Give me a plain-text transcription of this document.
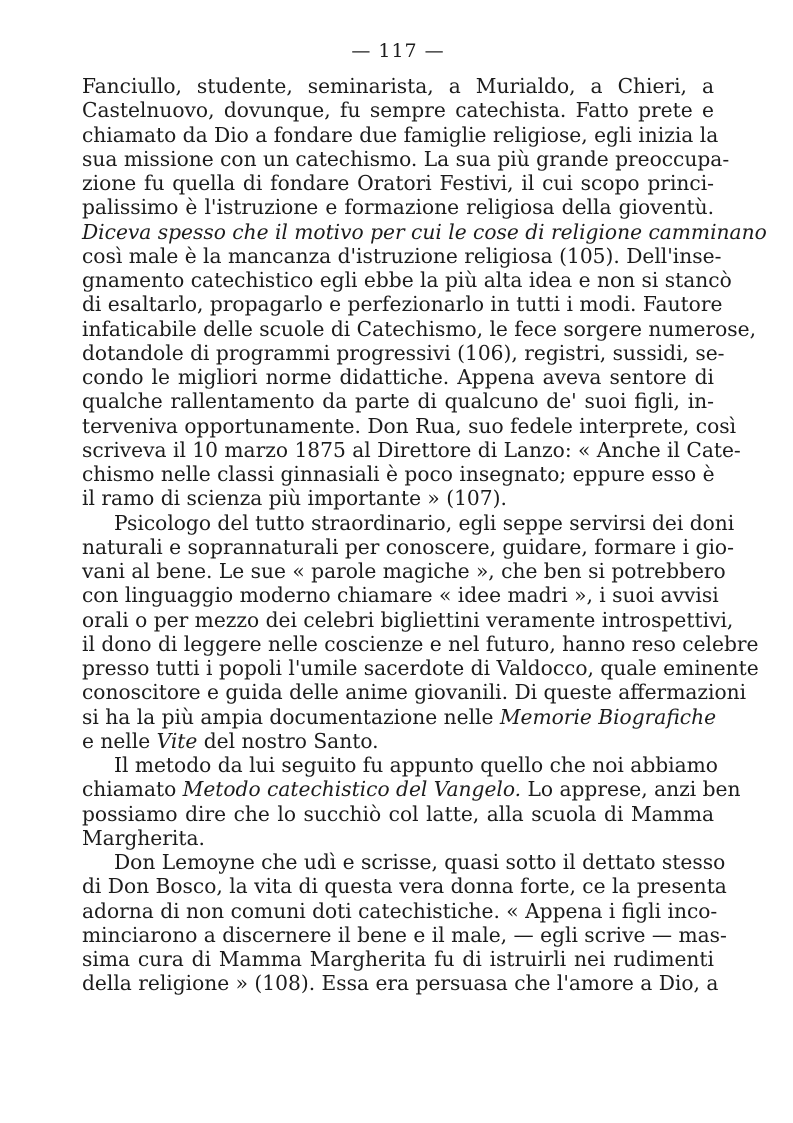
— 117 —
Fanciullo, studente, seminarista, a Murialdo, a Chieri, a
Castelnuovo, dovunque, fu sempre catechista. Fatto prete e
chiamato da Dio a fondare due famiglie religiose, egli inizia la
sua missione con un catechismo. La sua più grande preoccupa-
zione fu quella di fondare Oratori Festivi, il cui scopo princi-
palissimo è l'istruzione e formazione religiosa della gioventù.
Diceva spesso che il motivo per cui le cose di religione camminano
così male è la mancanza d'istruzione religiosa (105). Dell'inse-
gnamento catechistico egli ebbe la più alta idea e non si stancò
di esaltarlo, propagarlo e perfezionarlo in tutti i modi. Fautore
infaticabile delle scuole di Catechismo, le fece sorgere numerose,
dotandole di programmi progressivi (106), registri, sussidi, se-
condo le migliori norme didattiche. Appena aveva sentore di
qualche rallentamento da parte di qualcuno de' suoi figli, in-
terveniva opportunamente. Don Rua, suo fedele interprete, così
scriveva il 10 marzo 1875 al Direttore di Lanzo: « Anche il Cate-
chismo nelle classi ginnasiali è poco insegnato; eppure esso è
il ramo di scienza più importante » (107).
Psicologo del tutto straordinario, egli seppe servirsi dei doni
naturali e soprannaturali per conoscere, guidare, formare i gio-
vani al bene. Le sue « parole magiche », che ben si potrebbero
con linguaggio moderno chiamare « idee madri », i suoi avvisi
orali o per mezzo dei celebri bigliettini veramente introspettivi,
il dono di leggere nelle coscienze e nel futuro, hanno reso celebre
presso tutti i popoli l'umile sacerdote di Valdocco, quale eminente
conoscitore e guida delle anime giovanili. Di queste affermazioni
si ha la più ampia documentazione nelle Memorie Biografiche
e nelle Vite del nostro Santo.
Il metodo da lui seguito fu appunto quello che noi abbiamo
chiamato Metodo catechistico del Vangelo. Lo apprese, anzi ben
possiamo dire che lo succhiò col latte, alla scuola di Mamma
Margherita.
Don Lemoyne che udì e scrisse, quasi sotto il dettato stesso
di Don Bosco, la vita di questa vera donna forte, ce la presenta
adorna di non comuni doti catechistiche. « Appena i figli inco-
minciarono a discernere il bene e il male, — egli scrive — mas-
sima cura di Mamma Margherita fu di istruirli nei rudimenti
della religione » (108). Essa era persuasa che l'amore a Dio, a
